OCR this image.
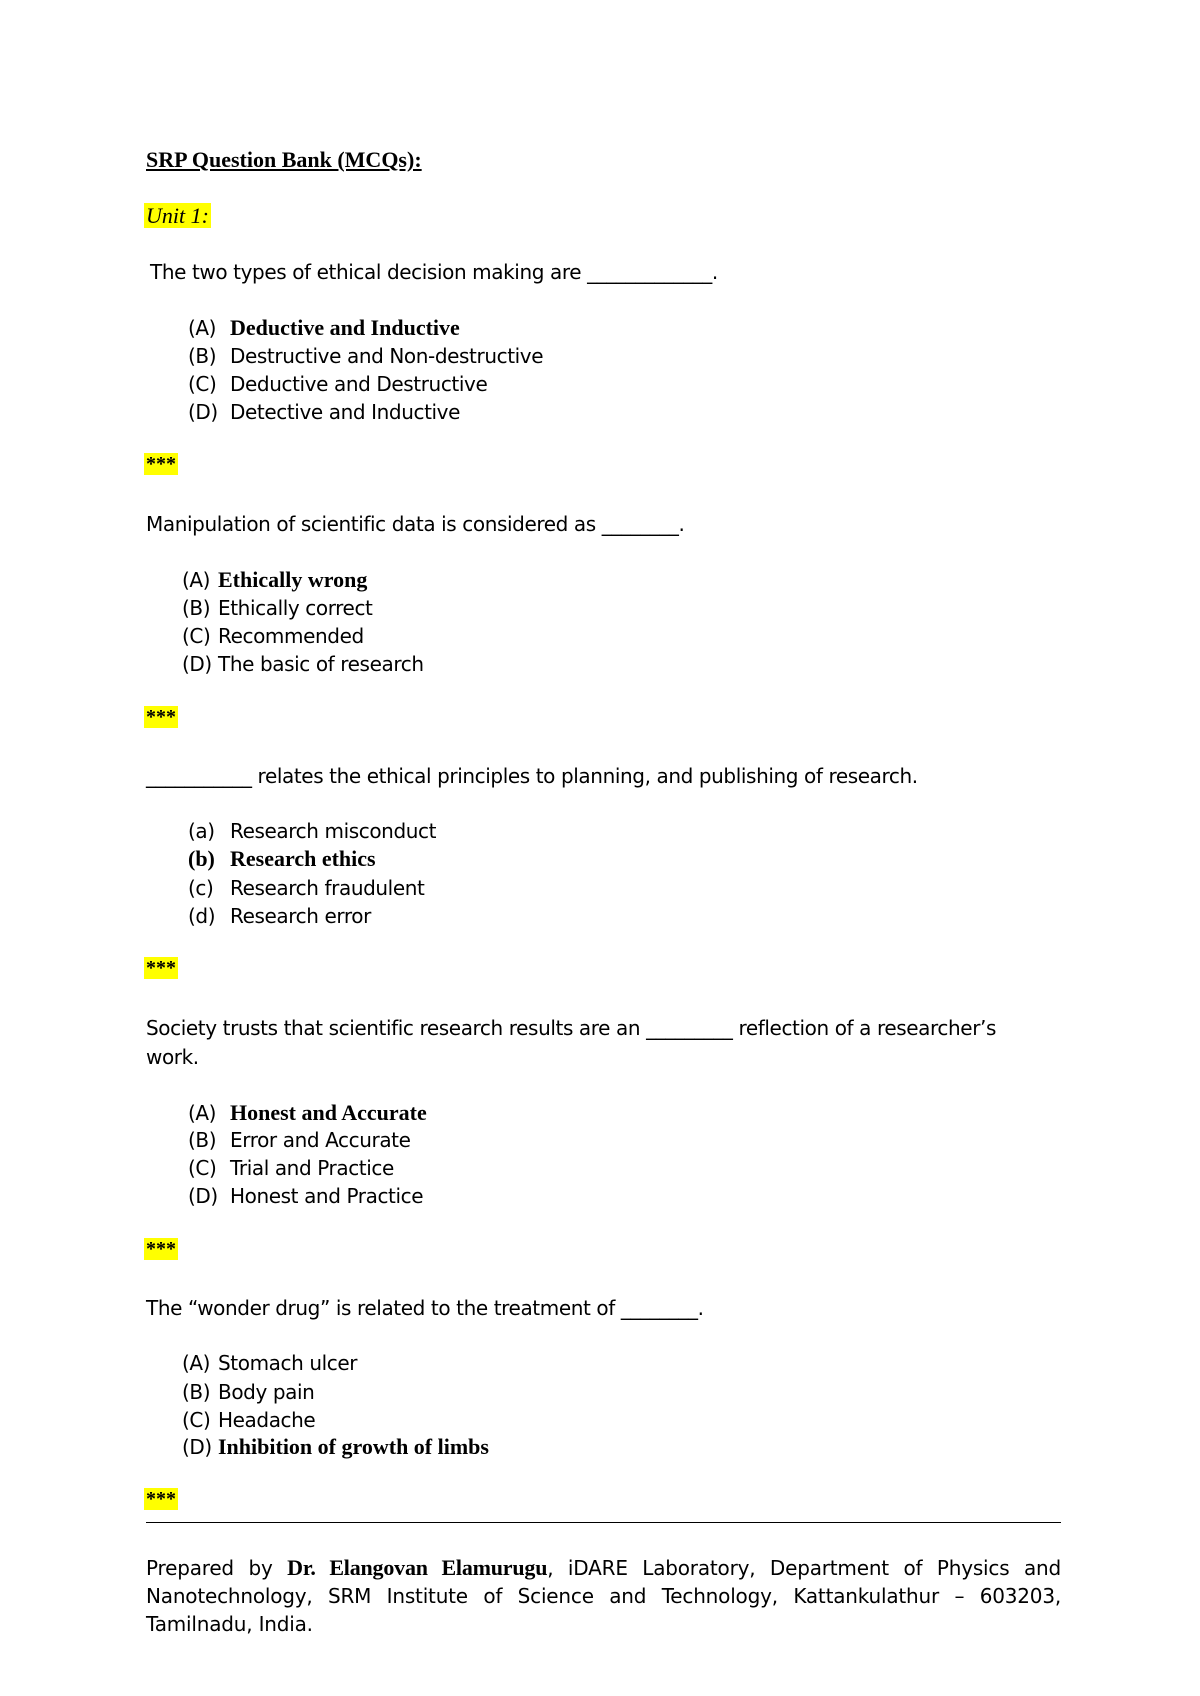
SRP Question Bank (MCQs):
Unit 1:
The two types of ethical decision making are _____________.
(A) Deductive and Inductive
(B) Destructive and Non-destructive
(C) Deductive and Destructive
(D) Detective and Inductive
***
Manipulation of scientific data is considered as ________.
(A) Ethically wrong
(B) Ethically correct
(C) Recommended
(D) The basic of research
***
___________ relates the ethical principles to planning, and publishing of research.
(a) Research misconduct
(b) Research ethics
(c) Research fraudulent
(d) Research error
***
Society trusts that scientific research results are an _________ reflection of a researcher’s
work.
(A) Honest and Accurate
(B) Error and Accurate
(C) Trial and Practice
(D) Honest and Practice
***
The “wonder drug” is related to the treatment of ________.
(A) Stomach ulcer
(B) Body pain
(C) Headache
(D) Inhibition of growth of limbs
***
Prepared by Dr. Elangovan Elamurugu, iDARE Laboratory, Department of Physics and Nanotechnology, SRM Institute of Science and Technology, Kattankulathur – 603203, Tamilnadu, India.
